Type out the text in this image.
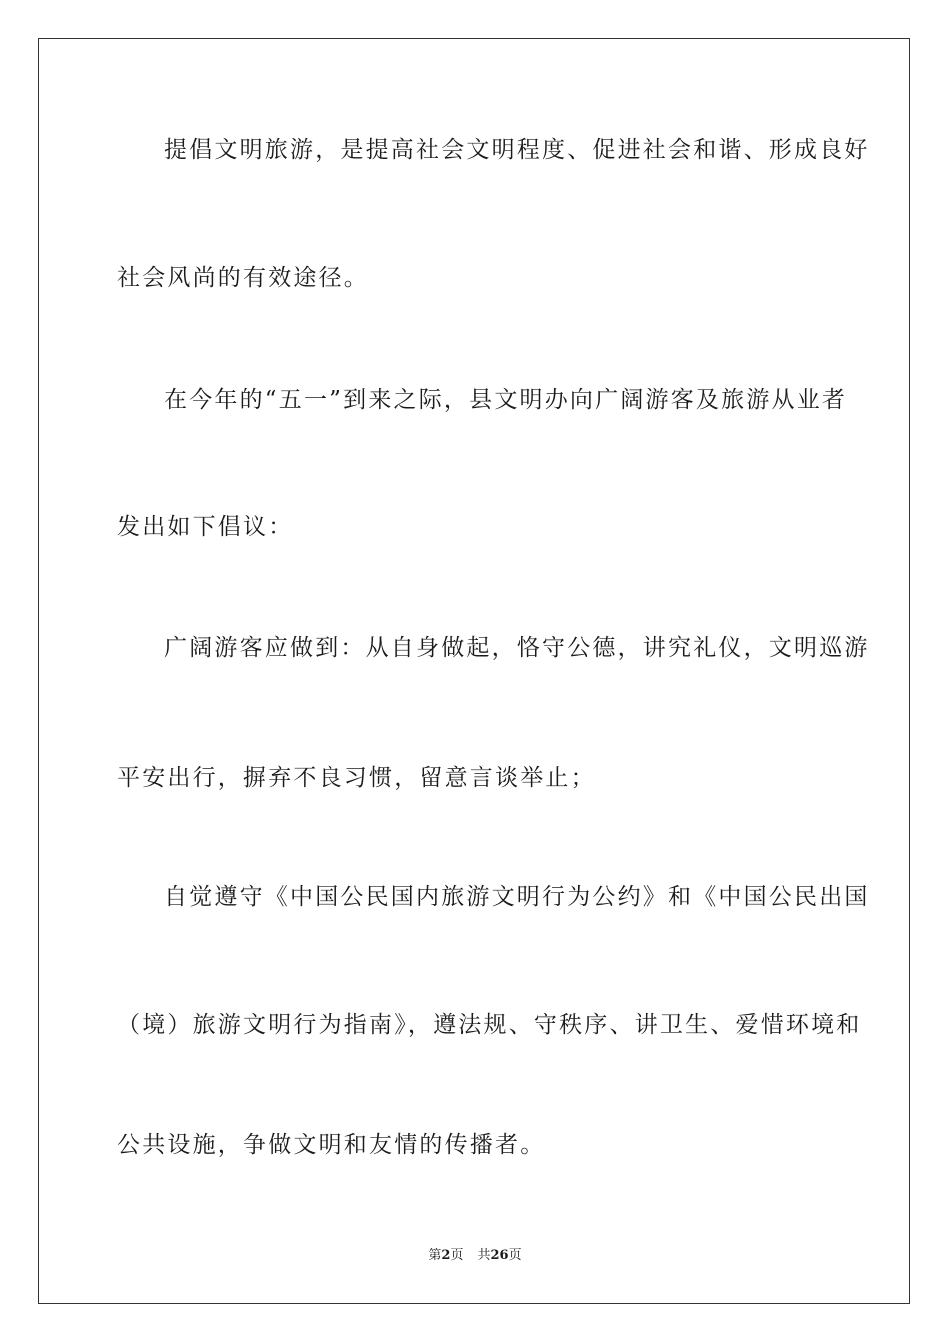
提倡文明旅游，是提高社会文明程度、促进社会和谐、形成良好
社会风尚的有效途径。
在今年的“五一”到来之际，县文明办向广阔游客及旅游从业者
发出如下倡议：
广阔游客应做到：从自身做起，恪守公德，讲究礼仪，文明巡游
平安出行，摒弃不良习惯，留意言谈举止；
自觉遵守《中国公民国内旅游文明行为公约》和《中国公民出国
（境）旅游文明行为指南》，遵法规、守秩序、讲卫生、爱惜环境和
公共设施，争做文明和友情的传播者。
第2页 共26页
